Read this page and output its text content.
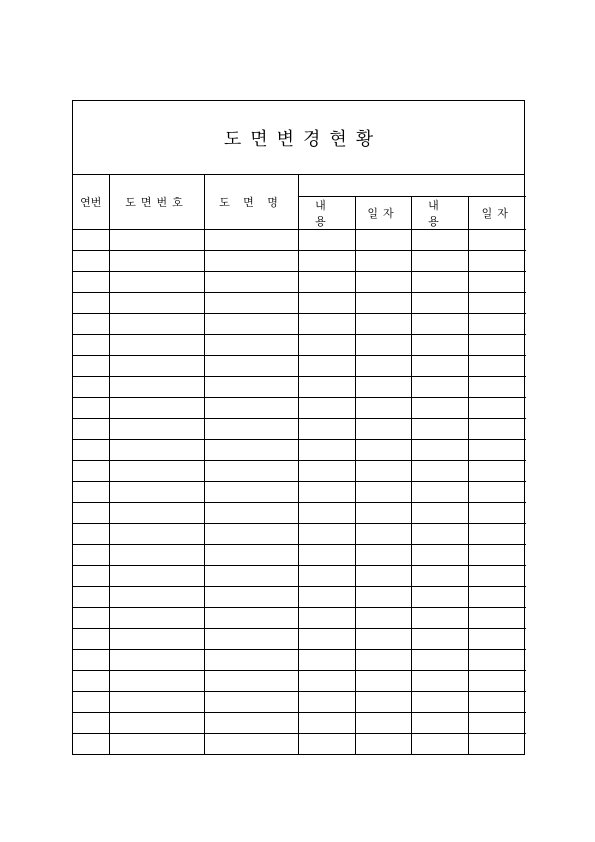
도면변경현황
연번	도면번호	도 면 명				
			내 용	일자	내 용	일자
